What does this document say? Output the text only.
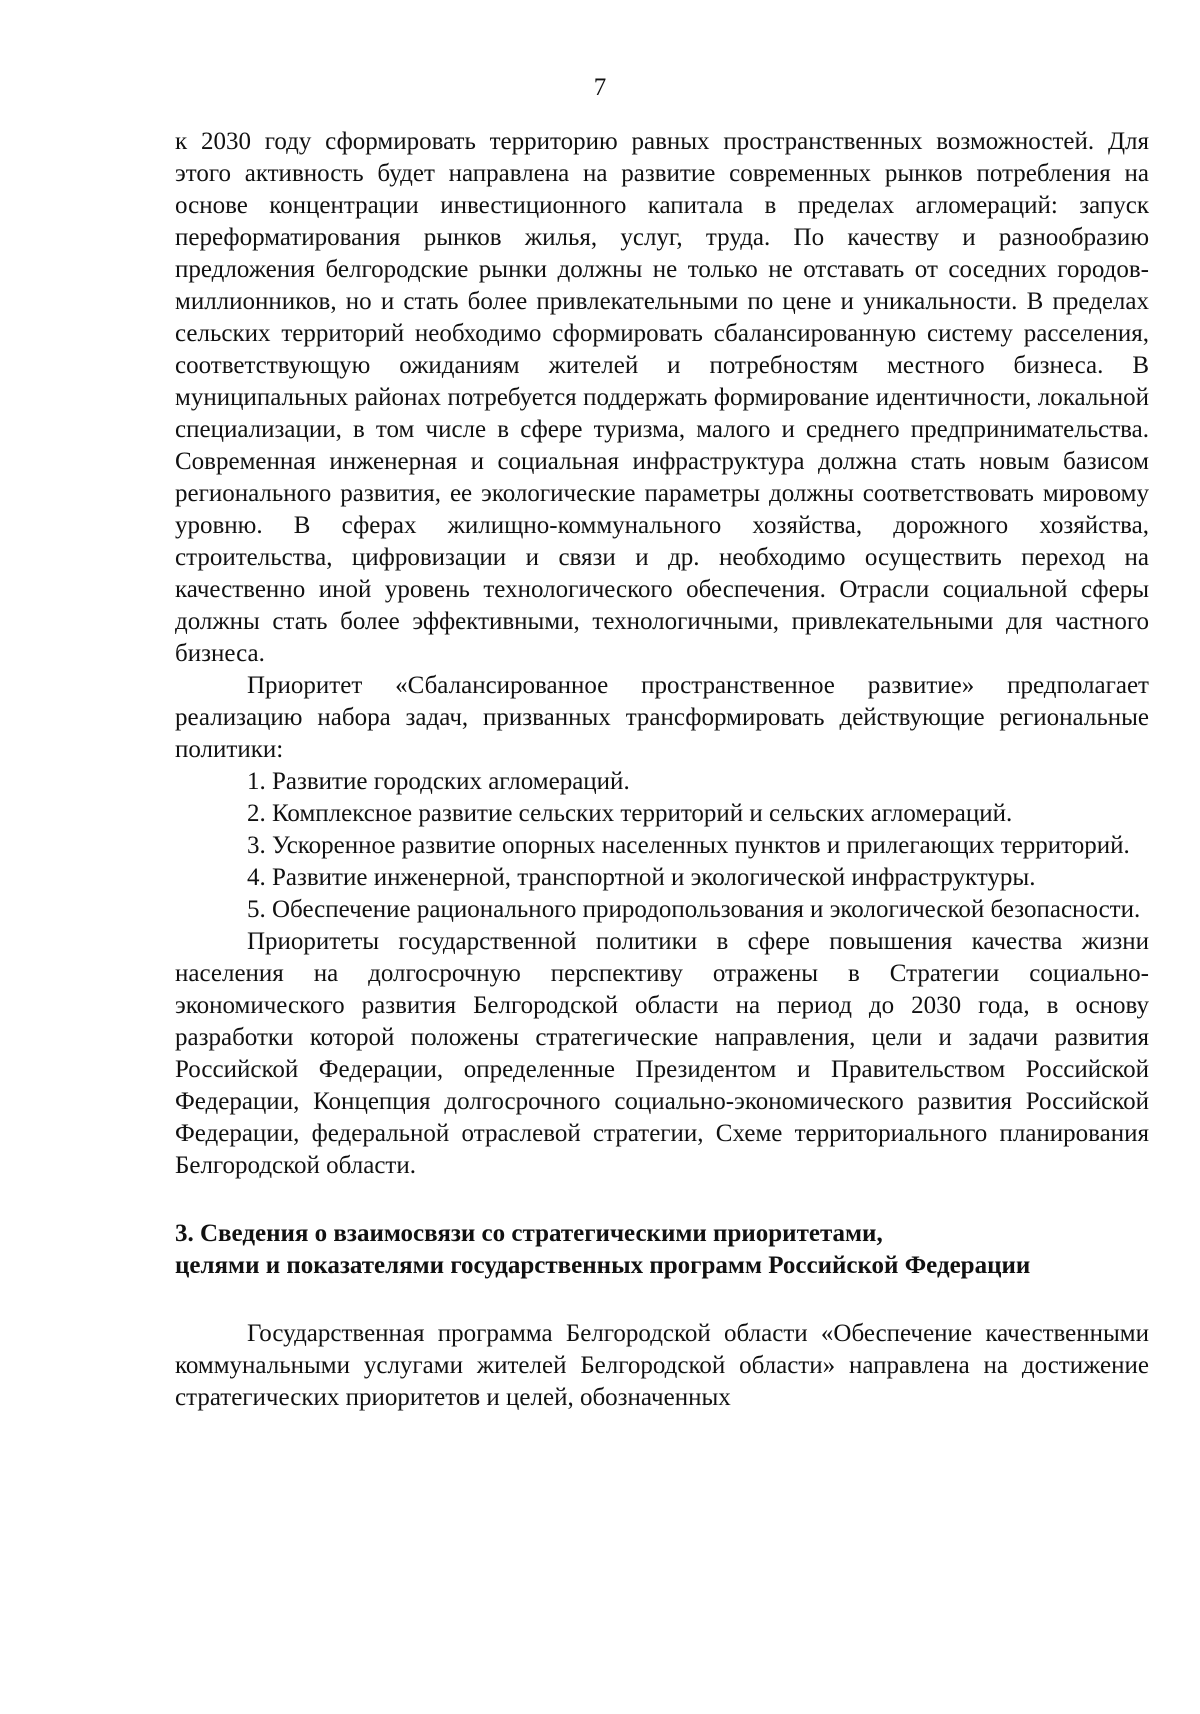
7

к 2030 году сформировать территорию равных пространственных возможностей. Для этого активность будет направлена на развитие современных рынков потребления на основе концентрации инвестиционного капитала в пределах агломераций: запуск переформатирования рынков жилья, услуг, труда. По качеству и разнообразию предложения белгородские рынки должны не только не отставать от соседних городов-миллионников, но и стать более привлекательными по цене и уникальности. В пределах сельских территорий необходимо сформировать сбалансированную систему расселения, соответствующую ожиданиям жителей и потребностям местного бизнеса. В муниципальных районах потребуется поддержать формирование идентичности, локальной специализации, в том числе в сфере туризма, малого и среднего предпринимательства. Современная инженерная и социальная инфраструктура должна стать новым базисом регионального развития, ее экологические параметры должны соответствовать мировому уровню. В сферах жилищно-коммунального хозяйства, дорожного хозяйства, строительства, цифровизации и связи и др. необходимо осуществить переход на качественно иной уровень технологического обеспечения. Отрасли социальной сферы должны стать более эффективными, технологичными, привлекательными для частного бизнеса.

Приоритет «Сбалансированное пространственное развитие» предполагает реализацию набора задач, призванных трансформировать действующие региональные политики:

1. Развитие городских агломераций.

2. Комплексное развитие сельских территорий и сельских агломераций.

3. Ускоренное развитие опорных населенных пунктов и прилегающих территорий.

4. Развитие инженерной, транспортной и экологической инфраструктуры.

5. Обеспечение рационального природопользования и экологической безопасности.

Приоритеты государственной политики в сфере повышения качества жизни населения на долгосрочную перспективу отражены в Стратегии социально-экономического развития Белгородской области на период до 2030 года, в основу разработки которой положены стратегические направления, цели и задачи развития Российской Федерации, определенные Президентом и Правительством Российской Федерации, Концепция долгосрочного социально-экономического развития Российской Федерации, федеральной отраслевой стратегии, Схеме территориального планирования Белгородской области.

3. Сведения о взаимосвязи со стратегическими приоритетами,

целями и показателями государственных программ Российской Федерации

Государственная программа Белгородской области «Обеспечение качественными коммунальными услугами жителей Белгородской области» направлена на достижение стратегических приоритетов и целей, обозначенных
